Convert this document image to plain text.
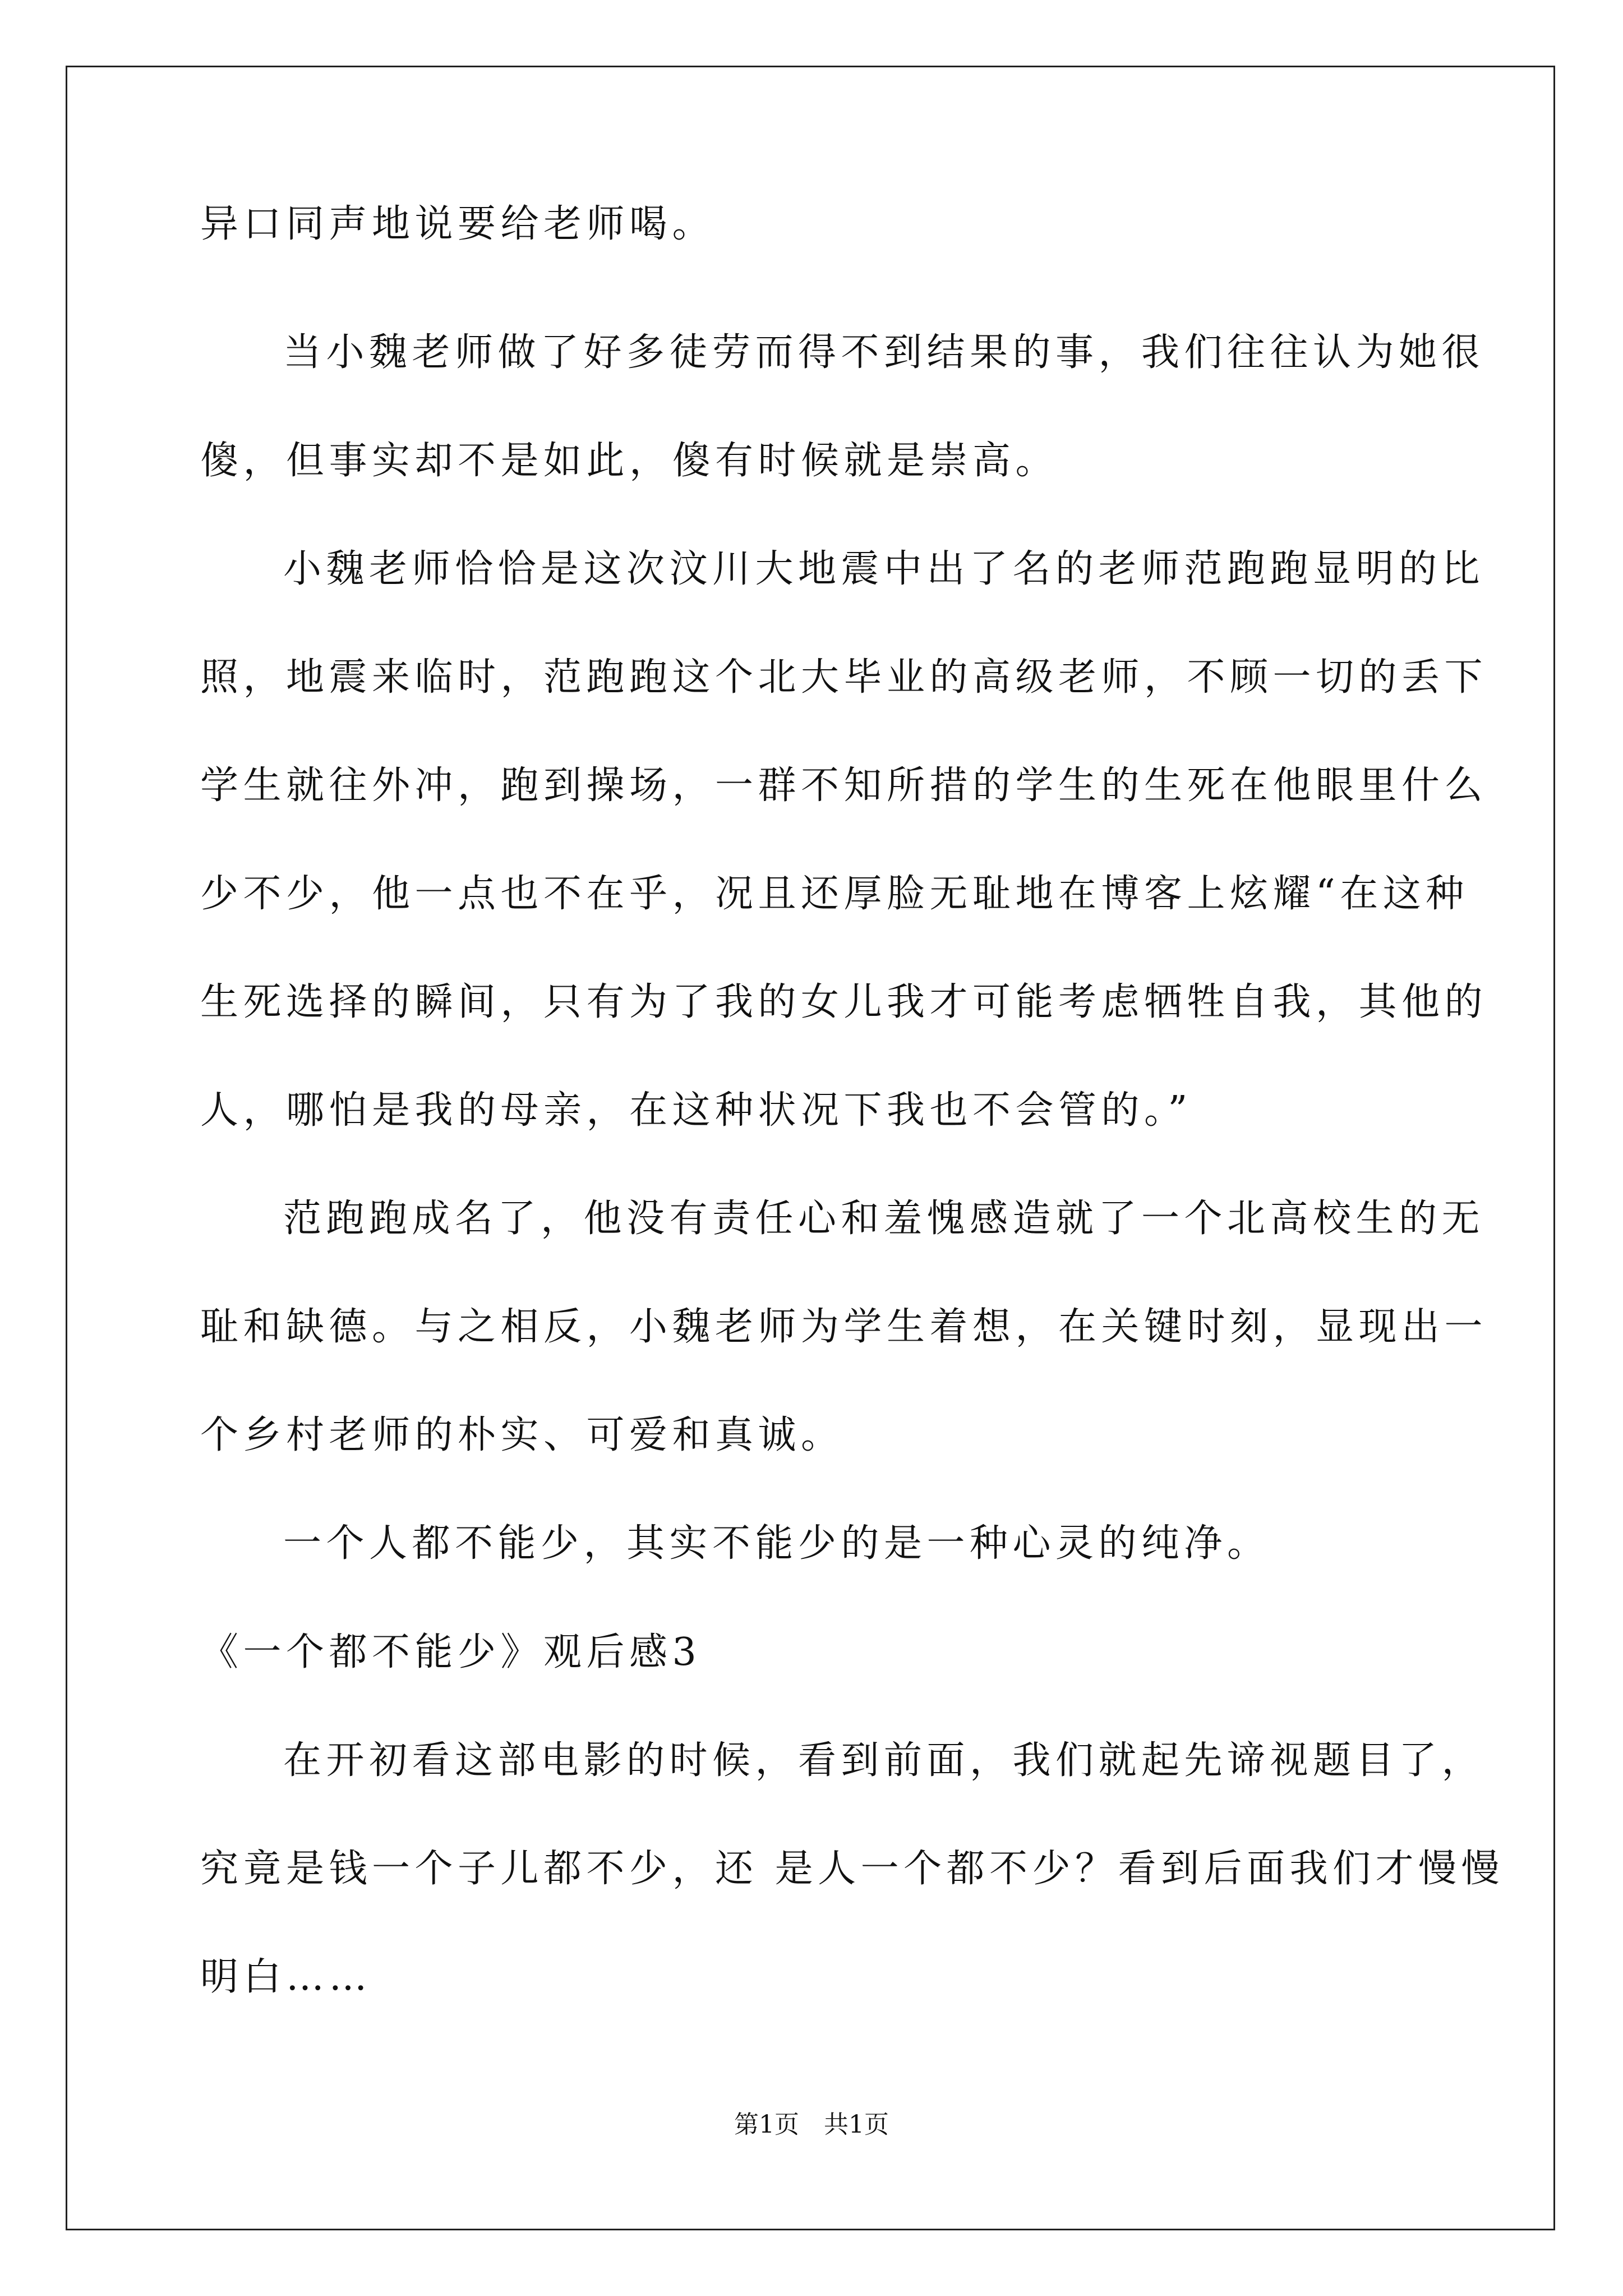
异口同声地说要给老师喝。
当小魏老师做了好多徒劳而得不到结果的事，我们往往认为她很
傻，但事实却不是如此，傻有时候就是崇高。
小魏老师恰恰是这次汶川大地震中出了名的老师范跑跑显明的比
照，地震来临时，范跑跑这个北大毕业的高级老师，不顾一切的丢下
学生就往外冲，跑到操场，一群不知所措的学生的生死在他眼里什么
少不少，他一点也不在乎，况且还厚脸无耻地在博客上炫耀“在这种
生死选择的瞬间，只有为了我的女儿我才可能考虑牺牲自我，其他的
人，哪怕是我的母亲，在这种状况下我也不会管的。”
范跑跑成名了，他没有责任心和羞愧感造就了一个北高校生的无
耻和缺德。与之相反，小魏老师为学生着想，在关键时刻，显现出一
个乡村老师的朴实、可爱和真诚。
一个人都不能少，其实不能少的是一种心灵的纯净。
《一个都不能少》观后感3
在开初看这部电影的时候，看到前面，我们就起先谛视题目了，
究竟是钱一个子儿都不少，还 是人一个都不少？看到后面我们才慢慢
明白……
第1页　共1页
